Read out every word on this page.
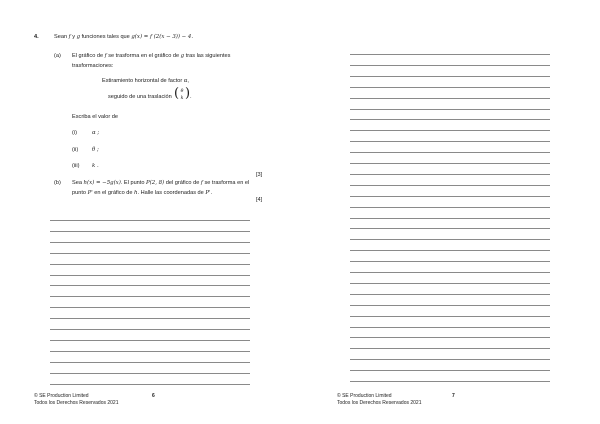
4.	Sean f y g funciones tales que g(x) = f (2(x − 3)) − 4.
(a) El gráfico de f se trasforma en el gráfico de g tras las siguientes
trasformaciones:
Estiramiento horizontal de factor α,
seguido de una traslación ( θ
k ) .
Escriba el valor de
(i)	α ;
(ii)	θ ;
(iii) k .
[3]
(b) Sea h(x) = −5g(x). El punto P(2, 8) del gráfico de f se trasforma en el
punto P' en el gráfico de h. Halle las coordenadas de P'.
[4]
© SE Production Limited
Todos los Derechos Reservados 2021
6	© SE Production Limited
Todos los Derechos Reservados 2021
7
